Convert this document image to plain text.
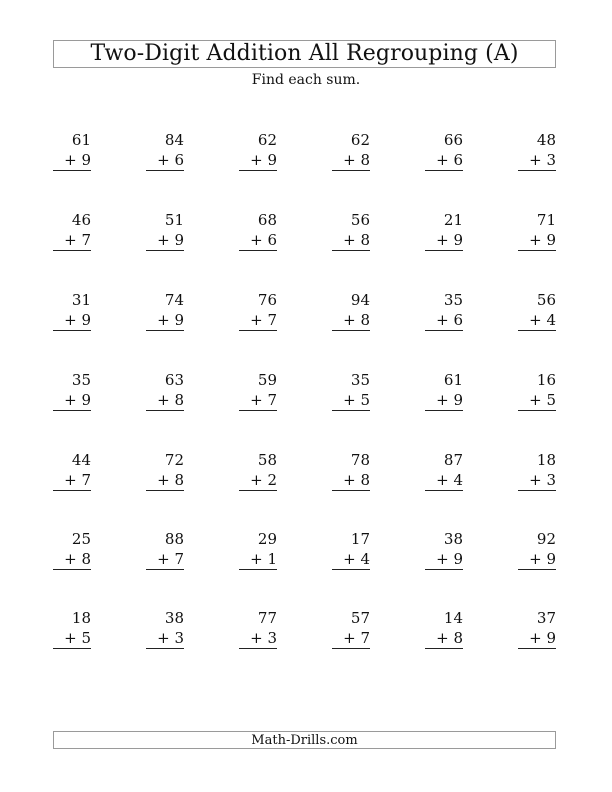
Two-Digit Addition All Regrouping (A)
Find each sum.
61
+ 9
84
+ 6
62
+ 9
62
+ 8
66
+ 6
48
+ 3
46
+ 7
51
+ 9
68
+ 6
56
+ 8
21
+ 9
71
+ 9
31
+ 9
74
+ 9
76
+ 7
94
+ 8
35
+ 6
56
+ 4
35
+ 9
63
+ 8
59
+ 7
35
+ 5
61
+ 9
16
+ 5
44
+ 7
72
+ 8
58
+ 2
78
+ 8
87
+ 4
18
+ 3
25
+ 8
88
+ 7
29
+ 1
17
+ 4
38
+ 9
92
+ 9
18
+ 5
38
+ 3
77
+ 3
57
+ 7
14
+ 8
37
+ 9
Math-Drills.com
